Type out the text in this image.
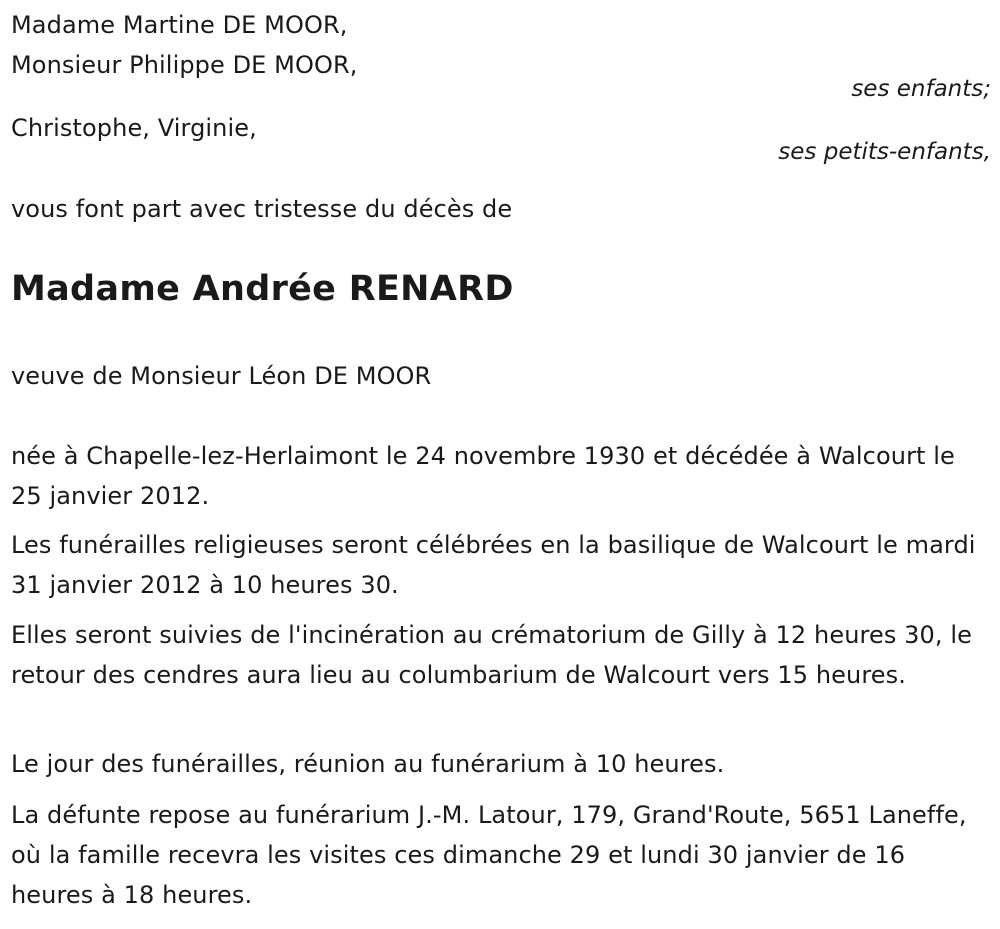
Madame Martine DE MOOR,
Monsieur Philippe DE MOOR,
ses enfants;
Christophe, Virginie,
ses petits-enfants,
vous font part avec tristesse du décès de
Madame Andrée RENARD
veuve de Monsieur Léon DE MOOR
née à Chapelle-lez-Herlaimont le 24 novembre 1930 et décédée à Walcourt le 25 janvier 2012.
Les funérailles religieuses seront célébrées en la basilique de Walcourt le mardi 31 janvier 2012 à 10 heures 30.
Elles seront suivies de l'incinération au crématorium de Gilly à 12 heures 30, le retour des cendres aura lieu au columbarium de Walcourt vers 15 heures.
Le jour des funérailles, réunion au funérarium à 10 heures.
La défunte repose au funérarium J.-M. Latour, 179, Grand'Route, 5651 Laneffe, où la famille recevra les visites ces dimanche 29 et lundi 30 janvier de 16 heures à 18 heures.
